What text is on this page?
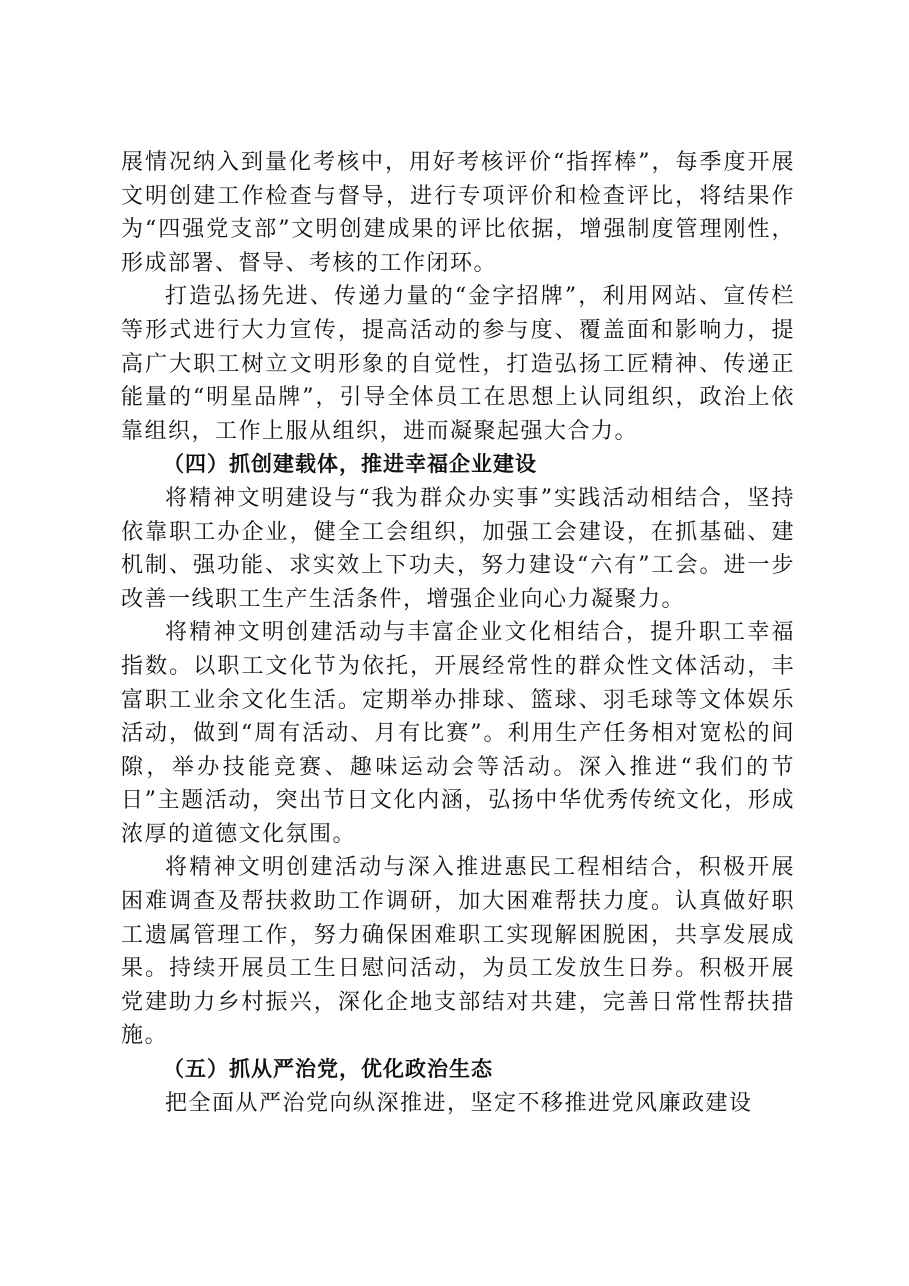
展情况纳入到量化考核中，用好考核评价“指挥棒”，每季度开展文明创建工作检查与督导，进行专项评价和检查评比，将结果作为“四强党支部”文明创建成果的评比依据，增强制度管理刚性，形成部署、督导、考核的工作闭环。

打造弘扬先进、传递力量的“金字招牌”，利用网站、宣传栏等形式进行大力宣传，提高活动的参与度、覆盖面和影响力，提高广大职工树立文明形象的自觉性，打造弘扬工匠精神、传递正能量的“明星品牌”，引导全体员工在思想上认同组织，政治上依靠组织，工作上服从组织，进而凝聚起强大合力。

（四）抓创建载体，推进幸福企业建设

将精神文明建设与“我为群众办实事”实践活动相结合，坚持依靠职工办企业，健全工会组织，加强工会建设，在抓基础、建机制、强功能、求实效上下功夫，努力建设“六有”工会。进一步改善一线职工生产生活条件，增强企业向心力凝聚力。

将精神文明创建活动与丰富企业文化相结合，提升职工幸福指数。以职工文化节为依托，开展经常性的群众性文体活动，丰富职工业余文化生活。定期举办排球、篮球、羽毛球等文体娱乐活动，做到“周有活动、月有比赛”。利用生产任务相对宽松的间隙，举办技能竞赛、趣味运动会等活动。深入推进“我们的节日”主题活动，突出节日文化内涵，弘扬中华优秀传统文化，形成浓厚的道德文化氛围。

将精神文明创建活动与深入推进惠民工程相结合，积极开展困难调查及帮扶救助工作调研，加大困难帮扶力度。认真做好职工遗属管理工作，努力确保困难职工实现解困脱困，共享发展成果。持续开展员工生日慰问活动，为员工发放生日券。积极开展党建助力乡村振兴，深化企地支部结对共建，完善日常性帮扶措施。

（五）抓从严治党，优化政治生态

把全面从严治党向纵深推进，坚定不移推进党风廉政建设
